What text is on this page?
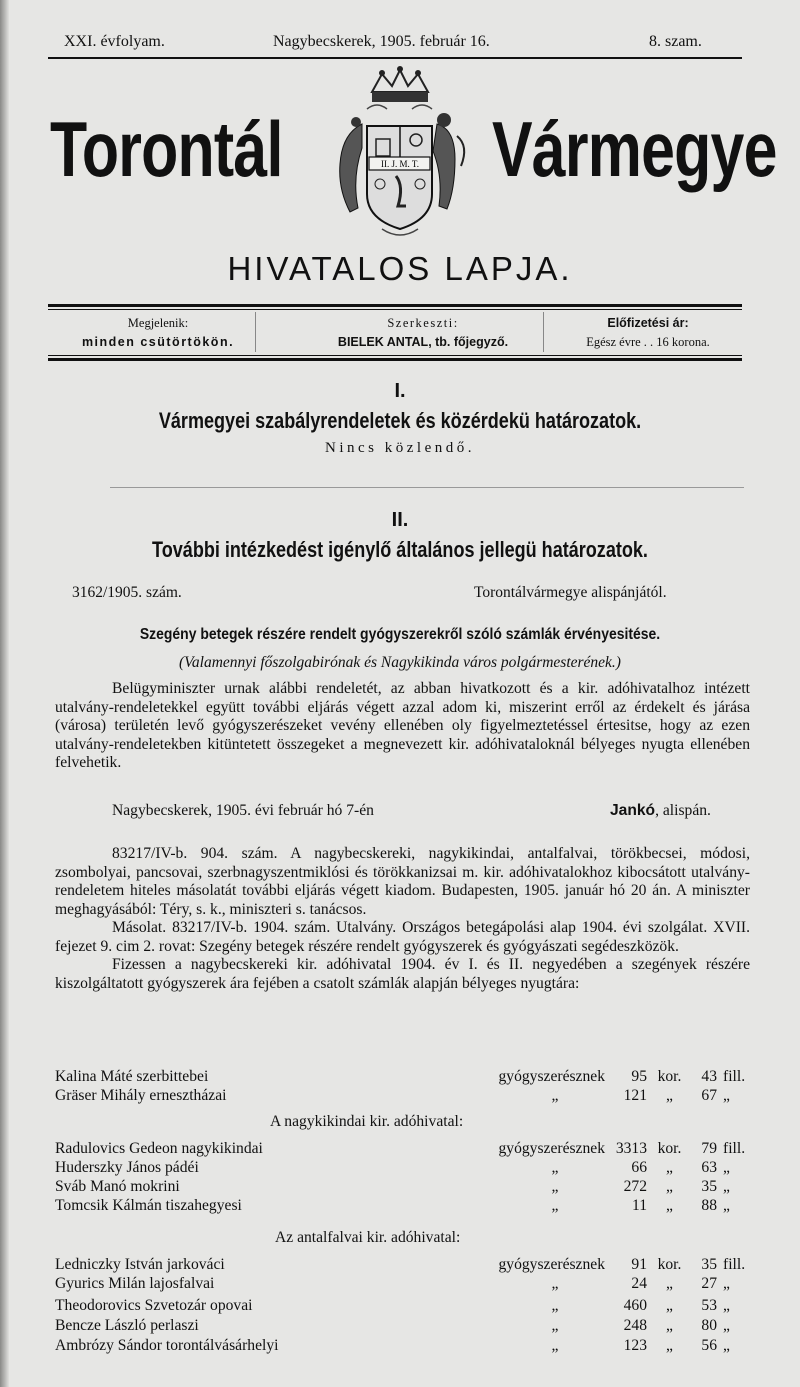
XXI. évfolyam.	Nagybecskerek, 1905. február 16.	8. szam.
Torontál	Vármegye
II. J. M. T.
HIVATALOS LAPJA.
Megjelenik:
minden csütörtökön.
Szerkeszti:
BIELEK ANTAL, tb. főjegyző.
Előfizetési ár:
Egész évre . . 16 korona.
I.
Vármegyei szabályrendeletek és közérdekü határozatok.
Nincs közlendő.
II.
További intézkedést igénylő általános jellegü határozatok.
3162/1905. szám.	Torontálvármegye alispánjától.
Szegény betegek részére rendelt gyógyszerekről szóló számlák érvényesitése.
(Valamennyi főszolgabirónak és Nagykikinda város polgármesterének.)

Belügyminiszter urnak alábbi rendeletét, az abban hivatkozott és a kir. adóhivatalhoz intézett utalvány-rendeletekkel együtt további eljárás végett azzal adom ki, miszerint erről az érdekelt és járása (városa) területén levő gyógyszerészeket vevény ellenében oly figyelmeztetéssel értesitse, hogy az ezen utalvány-rendeletekben kitüntetett összegeket a megnevezett kir. adóhivataloknál bélyeges nyugta ellenében felvehetik.

Nagybecskerek, 1905. évi február hó 7-én	Jankó, alispán.

83217/IV-b. 904. szám. A nagybecskereki, nagykikindai, antalfalvai, törökbecsei, módosi, zsombolyai, pancsovai, szerbnagyszentmiklósi és törökkanizsai m. kir. adóhivatalokhoz kibocsátott utalvány-rendeletem hiteles másolatát további eljárás végett kiadom. Budapesten, 1905. január hó 20 án. A miniszter meghagyásából: Téry, s. k., miniszteri s. tanácsos.

Másolat. 83217/IV-b. 1904. szám. Utalvány. Országos betegápolási alap 1904. évi szolgálat. XVII. fejezet 9. cim 2. rovat: Szegény betegek részére rendelt gyógyszerek és gyógyászati segédeszközök.

Fizessen a nagybecskereki kir. adóhivatal 1904. év I. és II. negyedében a szegények részére kiszolgáltatott gyógyszerek ára fejében a csatolt számlák alapján bélyeges nyugtára:

Kalina Máté szerbittebei	gyógyszerésznek	95 kor.	43 fill.
Gräser Mihály ernesztházai	„	121	„	67 „
A nagykikindai kir. adóhivatal:
Radulovics Gedeon nagykikindai	gyógyszerésznek 3313 kor.	79 fill.
Huderszky János pádéi	„	66	„	63 „
Sváb Manó mokrini	„	272	„	35 „
Tomcsik Kálmán tiszahegyesi	„	11	„	88 „
Az antalfalvai kir. adóhivatal:
Ledniczky István jarkováci	gyógyszerésznek	91 kor.	35 fill.
Gyurics Milán lajosfalvai	„	24	„	27 „
Theodorovics Szvetozár opovai	„	460	„	53 „
Bencze László perlaszi	„	248	„	80 „
Ambrózy Sándor torontálvásárhelyi	„	123	„	56 „
